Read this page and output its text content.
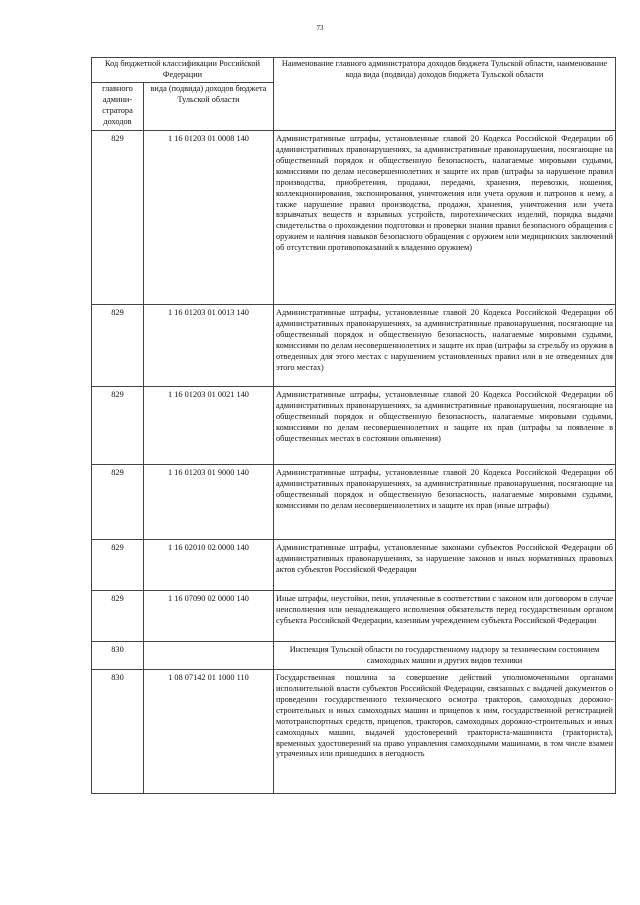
73
Код бюджетной классификации Российской Федерации		Наименование главного администратора доходов бюджета Тульской области, наименование кода вида (подвида) доходов бюджета Тульской области
главного админи-стратора доходов	вида (подвида) доходов бюджета Тульской области	
829	1 16 01203 01 0008 140	Административные штрафы, установленные главой 20 Кодекса Российской Федерации об административных правонарушениях, за административные правонарушения, посягающие на общественный порядок и общественную безопасность, налагаемые мировыми судьями, комиссиями по делам несовершеннолетних и защите их прав (штрафы за нарушение правил производства, приобретения, продажи, передачи, хранения, перевозки, ношения, коллекционирования, экспонирования, уничтожения или учета оружия и патронов к нему, а также нарушение правил производства, продажи, хранения, уничтожения или учета взрывчатых веществ и взрывных устройств, пиротехнических изделий, порядка выдачи свидетельства о прохождении подготовки и проверки знания правил безопасного обращения с оружием и наличия навыков безопасного обращения с оружием или медицинских заключений об отсутствии противопоказаний к владению оружием)
829	1 16 01203 01 0013 140	Административные штрафы, установленные главой 20 Кодекса Российской Федерации об административных правонарушениях, за административные правонарушения, посягающие на общественный порядок и общественную безопасность, налагаемые мировыми судьями, комиссиями по делам несовершеннолетних и защите их прав (штрафы за стрельбу из оружия в отведенных для этого местах с нарушением установленных правил или в не отведенных для этого местах)
829	1 16 01203 01 0021 140	Административные штрафы, установленные главой 20 Кодекса Российской Федерации об административных правонарушениях, за административные правонарушения, посягающие на общественный порядок и общественную безопасность, налагаемые мировыми судьями, комиссиями по делам несовершеннолетних и защите их прав (штрафы за появление в общественных местах в состоянии опьянения)
829	1 16 01203 01 9000 140	Административные штрафы, установленные главой 20 Кодекса Российской Федерации об административных правонарушениях, за административные правонарушения, посягающие на общественный порядок и общественную безопасность, налагаемые мировыми судьями, комиссиями по делам несовершеннолетних и защите их прав (иные штрафы)
829	1 16 02010 02 0000 140	Административные штрафы, установленные законами субъектов Российской Федерации об административных правонарушениях, за нарушение законов и иных нормативных правовых актов субъектов Российской Федерации
829	1 16 07090 02 0000 140	Иные штрафы, неустойки, пени, уплаченные в соответствии с законом или договором в случае неисполнения или ненадлежащего исполнения обязательств перед государственным органом субъекта Российской Федерации, казенным учреждением субъекта Российской Федерации
830		Инспекция Тульской области по государственному надзору за техническим состоянием самоходных машин и других видов техники
830	1 08 07142 01 1000 110	Государственная пошлина за совершение действий уполномоченными органами исполнительной власти субъектов Российской Федерации, связанных с выдачей документов о проведении государственного технического осмотра тракторов, самоходных дорожно-строительных и иных самоходных машин и прицепов к ним, государственной регистрацией мототранспортных средств, прицепов, тракторов, самоходных дорожно-строительных и иных самоходных машин, выдачей удостоверений тракториста-машиниста (тракториста), временных удостоверений на право управления самоходными машинами, в том числе взамен утраченных или пришедших в негодность
